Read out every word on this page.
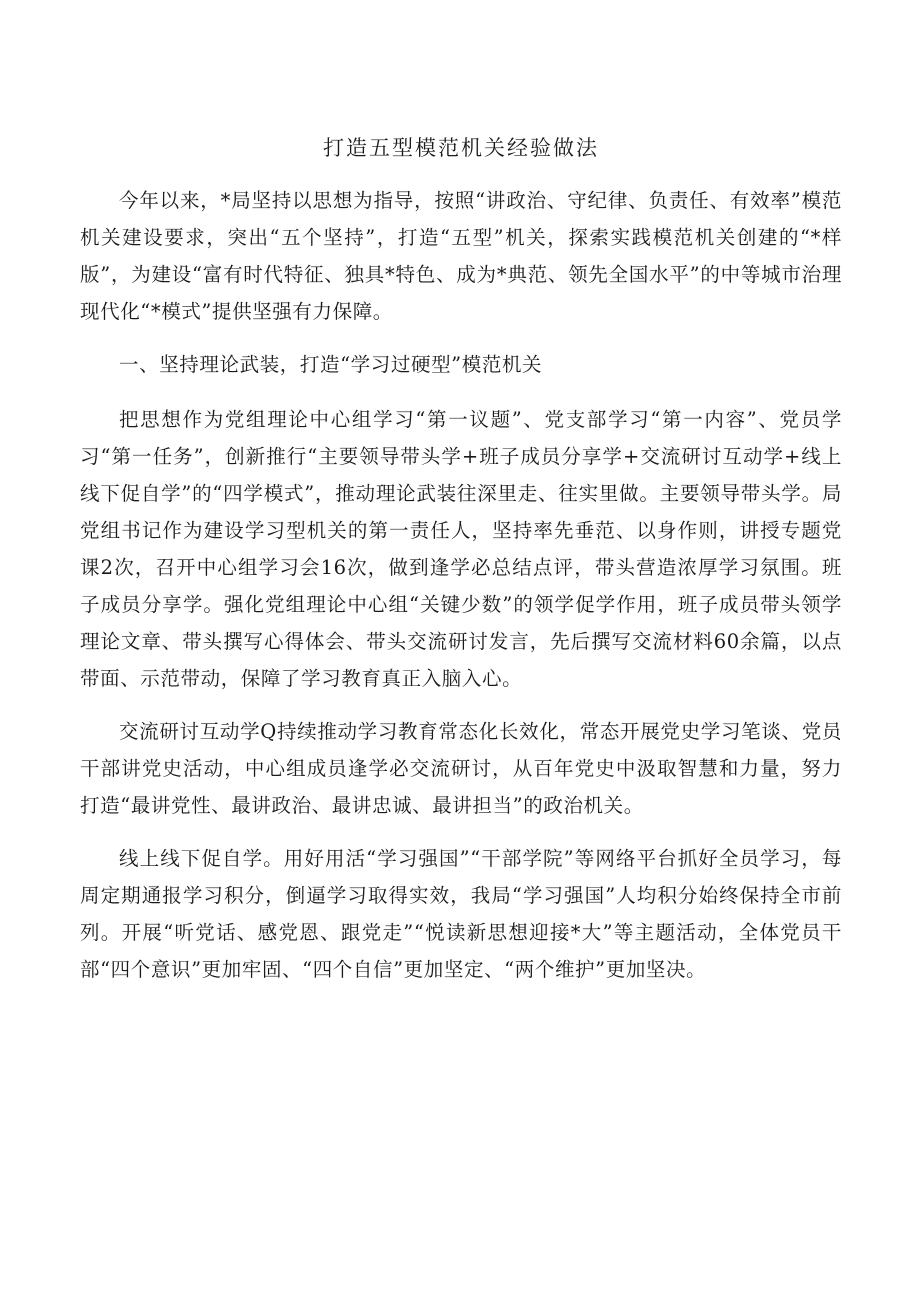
打造五型模范机关经验做法

今年以来，*局坚持以思想为指导，按照“讲政治、守纪律、负责任、有效率”模范机关建设要求，突出“五个坚持”，打造“五型”机关，探索实践模范机关创建的“*样版”，为建设“富有时代特征、独具*特色、成为*典范、领先全国水平”的中等城市治理现代化“*模式”提供坚强有力保障。

一、坚持理论武装，打造“学习过硬型”模范机关

把思想作为党组理论中心组学习“第一议题”、党支部学习“第一内容”、党员学习“第一任务”，创新推行“主要领导带头学+班子成员分享学+交流研讨互动学+线上线下促自学”的“四学模式”，推动理论武装往深里走、往实里做。主要领导带头学。局党组书记作为建设学习型机关的第一责任人，坚持率先垂范、以身作则，讲授专题党课2次，召开中心组学习会16次，做到逢学必总结点评，带头营造浓厚学习氛围。班子成员分享学。强化党组理论中心组“关键少数”的领学促学作用，班子成员带头领学理论文章、带头撰写心得体会、带头交流研讨发言，先后撰写交流材料60余篇，以点带面、示范带动，保障了学习教育真正入脑入心。

交流研讨互动学Q持续推动学习教育常态化长效化，常态开展党史学习笔谈、党员干部讲党史活动，中心组成员逢学必交流研讨，从百年党史中汲取智慧和力量，努力打造“最讲党性、最讲政治、最讲忠诚、最讲担当”的政治机关。

线上线下促自学。用好用活“学习强国”“干部学院”等网络平台抓好全员学习，每周定期通报学习积分，倒逼学习取得实效，我局“学习强国”人均积分始终保持全市前列。开展“听党话、感党恩、跟党走”“悦读新思想迎接*大”等主题活动，全体党员干部“四个意识”更加牢固、“四个自信”更加坚定、“两个维护”更加坚决。
